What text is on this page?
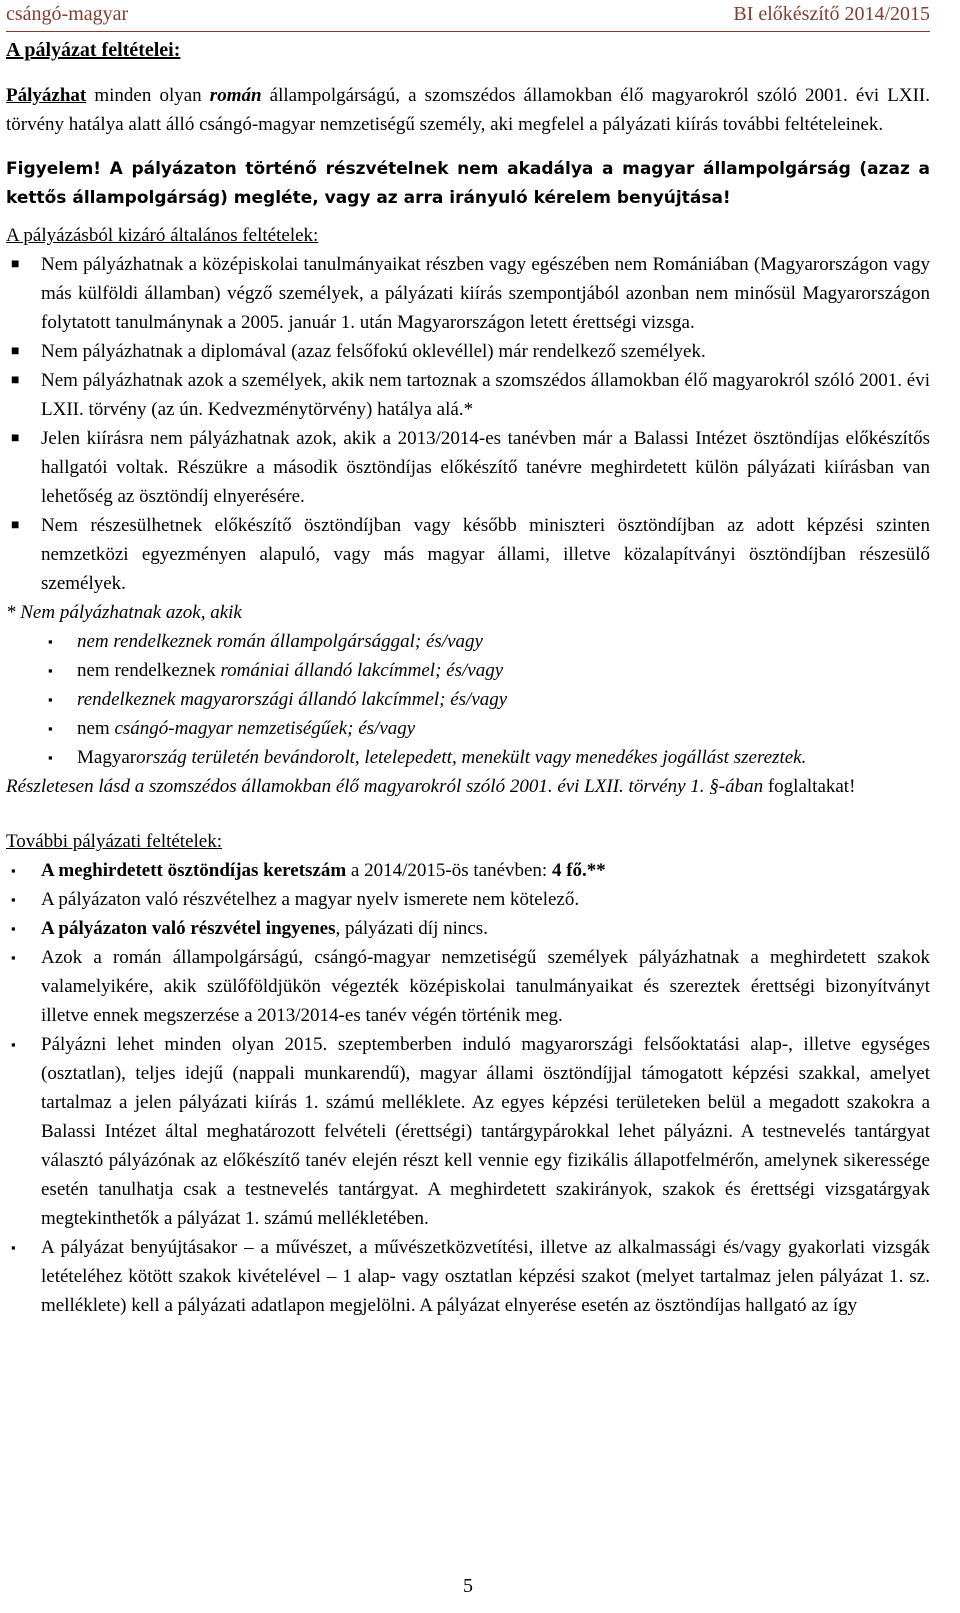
csángó-magyar	BI előkészítő 2014/2015

A pályázat feltételei:

Pályázhat minden olyan román állampolgárságú, a szomszédos államokban élő magyarokról szóló 2001. évi LXII. törvény hatálya alatt álló csángó-magyar nemzetiségű személy, aki megfelel a pályázati kiírás további feltételeinek.

Figyelem! A pályázaton történő részvételnek nem akadálya a magyar állampolgárság (azaz a kettős állampolgárság) megléte, vagy az arra irányuló kérelem benyújtása!

A pályázásból kizáró általános feltételek:

■ Nem pályázhatnak a középiskolai tanulmányaikat részben vagy egészében nem Romániában (Magyarországon vagy más külföldi államban) végző személyek, a pályázati kiírás szempontjából azonban nem minősül Magyarországon folytatott tanulmánynak a 2005. január 1. után Magyarországon letett érettségi vizsga.
■ Nem pályázhatnak a diplomával (azaz felsőfokú oklevéllel) már rendelkező személyek.
■ Nem pályázhatnak azok a személyek, akik nem tartoznak a szomszédos államokban élő magyarokról szóló 2001. évi LXII. törvény (az ún. Kedvezménytörvény) hatálya alá.*
■ Jelen kiírásra nem pályázhatnak azok, akik a 2013/2014-es tanévben már a Balassi Intézet ösztöndíjas előkészítős hallgatói voltak. Részükre a második ösztöndíjas előkészítő tanévre meghirdetett külön pályázati kiírásban van lehetőség az ösztöndíj elnyerésére.
■ Nem részesülhetnek előkészítő ösztöndíjban vagy később miniszteri ösztöndíjban az adott képzési szinten nemzetközi egyezményen alapuló, vagy más magyar állami, illetve közalapítványi ösztöndíjban részesülő személyek.

* Nem pályázhatnak azok, akik

▪ nem rendelkeznek román állampolgársággal; és/vagy
▪ nem rendelkeznek romániai állandó lakcímmel; és/vagy
▪ rendelkeznek magyarországi állandó lakcímmel; és/vagy
▪ nem csángó-magyar nemzetiségűek; és/vagy
▪ Magyarország területén bevándorolt, letelepedett, menekült vagy menedékes jogállást szereztek.

Részletesen lásd a szomszédos államokban élő magyarokról szóló 2001. évi LXII. törvény 1. §-ában foglaltakat!

További pályázati feltételek:

▪ A meghirdetett ösztöndíjas keretszám a 2014/2015-ös tanévben: 4 fő.**
▪ A pályázaton való részvételhez a magyar nyelv ismerete nem kötelező.
▪ A pályázaton való részvétel ingyenes, pályázati díj nincs.
▪ Azok a román állampolgárságú, csángó-magyar nemzetiségű személyek pályázhatnak a meghirdetett szakok valamelyikére, akik szülőföldjükön végezték középiskolai tanulmányaikat és szereztek érettségi bizonyítványt illetve ennek megszerzése a 2013/2014-es tanév végén történik meg.
▪ Pályázni lehet minden olyan 2015. szeptemberben induló magyarországi felsőoktatási alap-, illetve egységes (osztatlan), teljes idejű (nappali munkarendű), magyar állami ösztöndíjjal támogatott képzési szakkal, amelyet tartalmaz a jelen pályázati kiírás 1. számú melléklete. Az egyes képzési területeken belül a megadott szakokra a Balassi Intézet által meghatározott felvételi (érettségi) tantárgypárokkal lehet pályázni. A testnevelés tantárgyat választó pályázónak az előkészítő tanév elején részt kell vennie egy fizikális állapotfelmérőn, amelynek sikeressége esetén tanulhatja csak a testnevelés tantárgyat. A meghirdetett szakirányok, szakok és érettségi vizsgatárgyak megtekinthetők a pályázat 1. számú mellékletében.
▪ A pályázat benyújtásakor – a művészet, a művészetközvetítési, illetve az alkalmassági és/vagy gyakorlati vizsgák letételéhez kötött szakok kivételével – 1 alap- vagy osztatlan képzési szakot (melyet tartalmaz jelen pályázat 1. sz. melléklete) kell a pályázati adatlapon megjelölni. A pályázat elnyerése esetén az ösztöndíjas hallgató az így
5
